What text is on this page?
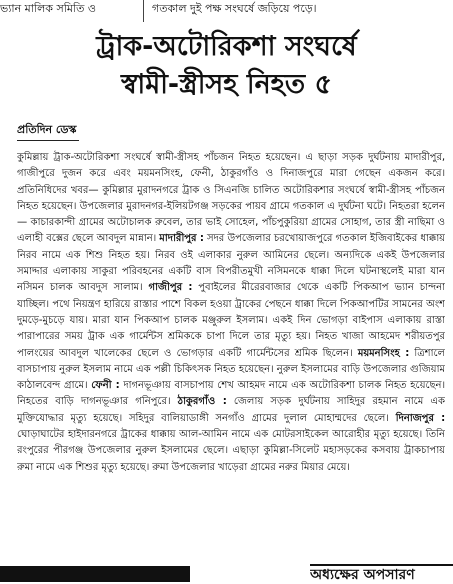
ভ্যান মালিক সমিতি ও	গতকাল দুই পক্ষ সংঘর্ষে জড়িয়ে পড়ে।
ট্রাক-অটোরিকশা সংঘর্ষে
স্বামী-স্ত্রীসহ নিহত ৫
প্রতিদিন ডেস্ক

কুমিল্লায় ট্রাক-অটোরিকশা সংঘর্ষে স্বামী-স্ত্রীসহ পাঁচজন নিহত হয়েছেন। এ ছাড়া সড়ক দুর্ঘটনায় মাদারীপুর, গাজীপুরে দুজন করে এবং ময়মনসিংহ, ফেনী, ঠাকুরগাঁও ও দিনাজপুরে মারা গেছেন একজন করে। প্রতিনিধিদের খবর— কুমিল্লার মুরাদনগরে ট্রাক ও সিএনজি চালিত অটোরিকশার সংঘর্ষে স্বামী-স্ত্রীসহ পাঁচজন নিহত হয়েছেন। উপজেলার মুরাদনগর-ইলিয়টগঞ্জ সড়কের পায়ব গ্রামে গতকাল এ দুর্ঘটনা ঘটে। নিহতরা হলেন— কাচারকান্দী গ্রামের অটোচালক রুবেল, তার ভাই সোহেল, পাঁচপুকুরিয়া গ্রামের সোহাগ, তার স্ত্রী নাছিমা ও এলাহী বক্সের ছেলে আবদুল মান্নান। মাদারীপুর : সদর উপজেলার চরখোয়াজপুরে গতকাল ইজিবাইকের ধাক্কায় নিরব নামে এক শিশু নিহত হয়। নিরব ওই এলাকার নুরুল আমিনের ছেলে। অন্যদিকে একই উপজেলার সমাদ্দার এলাকায় সাকুরা পরিবহনের একটি বাস বিপরীতমুখী নসিমনকে ধাক্কা দিলে ঘটনাস্থলেই মারা যান নসিমন চালক আবদুস সালাম। গাজীপুর : পুবাইলের মীরেরবাজার থেকে একটি পিকআপ ভ্যান চান্দনা যাচ্ছিল। পথে নিয়ন্ত্রণ হারিয়ে রাস্তার পাশে বিকল হওয়া ট্রাকের পেছনে ধাক্কা দিলে পিকআপটির সামনের অংশ দুমড়ে-মুচড়ে যায়। মারা যান পিকআপ চালক মঞ্জুরুল ইসলাম। একই দিন ভোগড়া বাইপাস এলাকায় রাস্তা পারাপারের সময় ট্রাক এক গার্মেন্টস শ্রমিককে চাপা দিলে তার মৃত্যু হয়। নিহত খাজা আহমেদ শরীয়তপুর পালংয়ের আবদুল খালেকের ছেলে ও ভোগড়ার একটি গার্মেন্টসের শ্রমিক ছিলেন। ময়মনসিংহ : ত্রিশালে বাসচাপায় নুরুল ইসলাম নামে এক পল্লী চিকিৎসক নিহত হয়েছেন। নুরুল ইসলামের বাড়ি উপজেলার গুজিয়াম কাঠালবেন্দ গ্রামে। ফেনী : দাগনভূঞায় বাসচাপায় শেখ আহমদ নামে এক অটোরিকশা চালক নিহত হয়েছেন। নিহতের বাড়ি দাগনভূঞার গনিপুরে। ঠাকুরগাঁও : জেলায় সড়ক দুর্ঘটনায় সাহিদুর রহমান নামে এক মুক্তিযোদ্ধার মৃত্যু হয়েছে। সহিদুর বালিয়াডাঙ্গী সনগাঁও গ্রামের দুলাল মোহাম্মদের ছেলে। দিনাজপুর : ঘোড়াঘাটের হাইদারনগরে ট্রাকের ধাক্কায় আল-আমিন নামে এক মোটরসাইকেল আরোহীর মৃত্যু হয়েছে। তিনি রংপুরের পীরগঞ্জ উপজেলার নুরুল ইসলামের ছেলে। এছাড়া কুমিল্লা-সিলেট মহাসড়কের কসবায় ট্রাকচাপায় রুমা নামে এক শিশুর মৃত্যু হয়েছে। রুমা উপজেলার খাড়েরা গ্রামের নরুর মিয়ার মেয়ে।

অধ্যক্ষের অপসারণ
